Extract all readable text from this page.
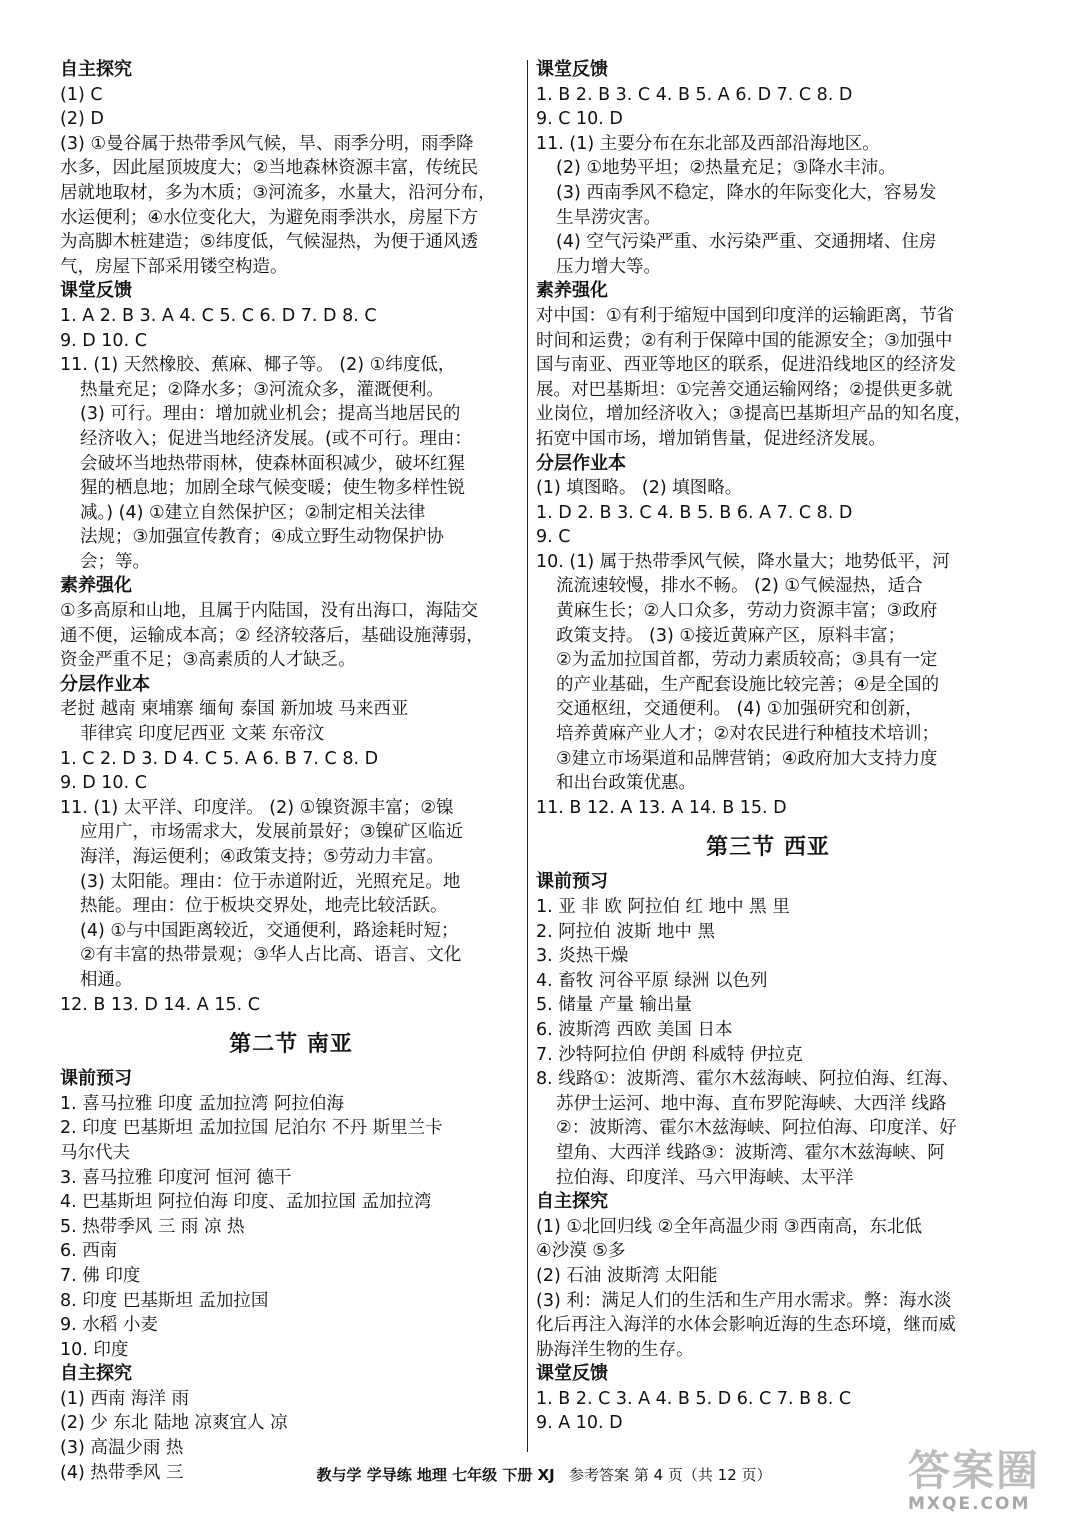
自主探究
(1) C
(2) D
(3) ①曼谷属于热带季风气候，旱、雨季分明，雨季降
水多，因此屋顶坡度大；②当地森林资源丰富，传统民
居就地取材，多为木质；③河流多，水量大，沿河分布，
水运便利；④水位变化大，为避免雨季洪水，房屋下方
为高脚木桩建造；⑤纬度低，气候湿热，为便于通风透
气，房屋下部采用镂空构造。
课堂反馈
1. A 2. B 3. A 4. C 5. C 6. D 7. D 8. C
9. D 10. C
11. (1) 天然橡胶、蕉麻、椰子等。 (2) ①纬度低，
热量充足；②降水多；③河流众多，灌溉便利。
(3) 可行。理由：增加就业机会；提高当地居民的
经济收入；促进当地经济发展。(或不可行。理由：
会破坏当地热带雨林，使森林面积减少，破坏红猩
猩的栖息地；加剧全球气候变暖；使生物多样性锐
减。) (4) ①建立自然保护区；②制定相关法律
法规；③加强宣传教育；④成立野生动物保护协
会；等。
素养强化
①多高原和山地，且属于内陆国，没有出海口，海陆交
通不便，运输成本高；② 经济较落后，基础设施薄弱，
资金严重不足；③高素质的人才缺乏。
分层作业本
老挝 越南 柬埔寨 缅甸 泰国 新加坡 马来西亚
菲律宾 印度尼西亚 文莱 东帝汶
1. C 2. D 3. D 4. C 5. A 6. B 7. C 8. D
9. D 10. C
11. (1) 太平洋、印度洋。 (2) ①镍资源丰富；②镍
应用广，市场需求大，发展前景好；③镍矿区临近
海洋，海运便利；④政策支持；⑤劳动力丰富。
(3) 太阳能。理由：位于赤道附近，光照充足。地
热能。理由：位于板块交界处，地壳比较活跃。
(4) ①与中国距离较近，交通便利，路途耗时短；
②有丰富的热带景观；③华人占比高、语言、文化
相通。
12. B 13. D 14. A 15. C
第二节 南亚
课前预习
1. 喜马拉雅 印度 孟加拉湾 阿拉伯海
2. 印度 巴基斯坦 孟加拉国 尼泊尔 不丹 斯里兰卡
马尔代夫
3. 喜马拉雅 印度河 恒河 德干
4. 巴基斯坦 阿拉伯海 印度、孟加拉国 孟加拉湾
5. 热带季风 三 雨 凉 热
6. 西南
7. 佛 印度
8. 印度 巴基斯坦 孟加拉国
9. 水稻 小麦
10. 印度
自主探究
(1) 西南 海洋 雨
(2) 少 东北 陆地 凉爽宜人 凉
(3) 高温少雨 热
(4) 热带季风 三
课堂反馈
1. B 2. B 3. C 4. B 5. A 6. D 7. C 8. D
9. C 10. D
11. (1) 主要分布在东北部及西部沿海地区。
(2) ①地势平坦；②热量充足；③降水丰沛。
(3) 西南季风不稳定，降水的年际变化大，容易发
生旱涝灾害。
(4) 空气污染严重、水污染严重、交通拥堵、住房
压力增大等。
素养强化
对中国：①有利于缩短中国到印度洋的运输距离，节省
时间和运费；②有利于保障中国的能源安全；③加强中
国与南亚、西亚等地区的联系，促进沿线地区的经济发
展。对巴基斯坦：①完善交通运输网络；②提供更多就
业岗位，增加经济收入；③提高巴基斯坦产品的知名度，
拓宽中国市场，增加销售量，促进经济发展。
分层作业本
(1) 填图略。 (2) 填图略。
1. D 2. B 3. C 4. B 5. B 6. A 7. C 8. D
9. C
10. (1) 属于热带季风气候，降水量大；地势低平，河
流流速较慢，排水不畅。 (2) ①气候湿热，适合
黄麻生长；②人口众多，劳动力资源丰富；③政府
政策支持。 (3) ①接近黄麻产区，原料丰富；
②为孟加拉国首都，劳动力素质较高；③具有一定
的产业基础，生产配套设施比较完善；④是全国的
交通枢纽，交通便利。 (4) ①加强研究和创新，
培养黄麻产业人才；②对农民进行种植技术培训；
③建立市场渠道和品牌营销；④政府加大支持力度
和出台政策优惠。
11. B 12. A 13. A 14. B 15. D
第三节 西亚
课前预习
1. 亚 非 欧 阿拉伯 红 地中 黑 里
2. 阿拉伯 波斯 地中 黑
3. 炎热干燥
4. 畜牧 河谷平原 绿洲 以色列
5. 储量 产量 输出量
6. 波斯湾 西欧 美国 日本
7. 沙特阿拉伯 伊朗 科威特 伊拉克
8. 线路①：波斯湾、霍尔木兹海峡、阿拉伯海、红海、
苏伊士运河、地中海、直布罗陀海峡、大西洋 线路
②：波斯湾、霍尔木兹海峡、阿拉伯海、印度洋、好
望角、大西洋 线路③：波斯湾、霍尔木兹海峡、阿
拉伯海、印度洋、马六甲海峡、太平洋
自主探究
(1) ①北回归线 ②全年高温少雨 ③西南高，东北低
④沙漠 ⑤多
(2) 石油 波斯湾 太阳能
(3) 利：满足人们的生活和生产用水需求。弊：海水淡
化后再注入海洋的水体会影响近海的生态环境，继而威
胁海洋生物的生存。
课堂反馈
1. B 2. C 3. A 4. B 5. D 6. C 7. B 8. C
9. A 10. D
教与学 学导练 地理 七年级 下册 XJ 参考答案 第 4 页（共 12 页）	答案圈
MXQE.COM
